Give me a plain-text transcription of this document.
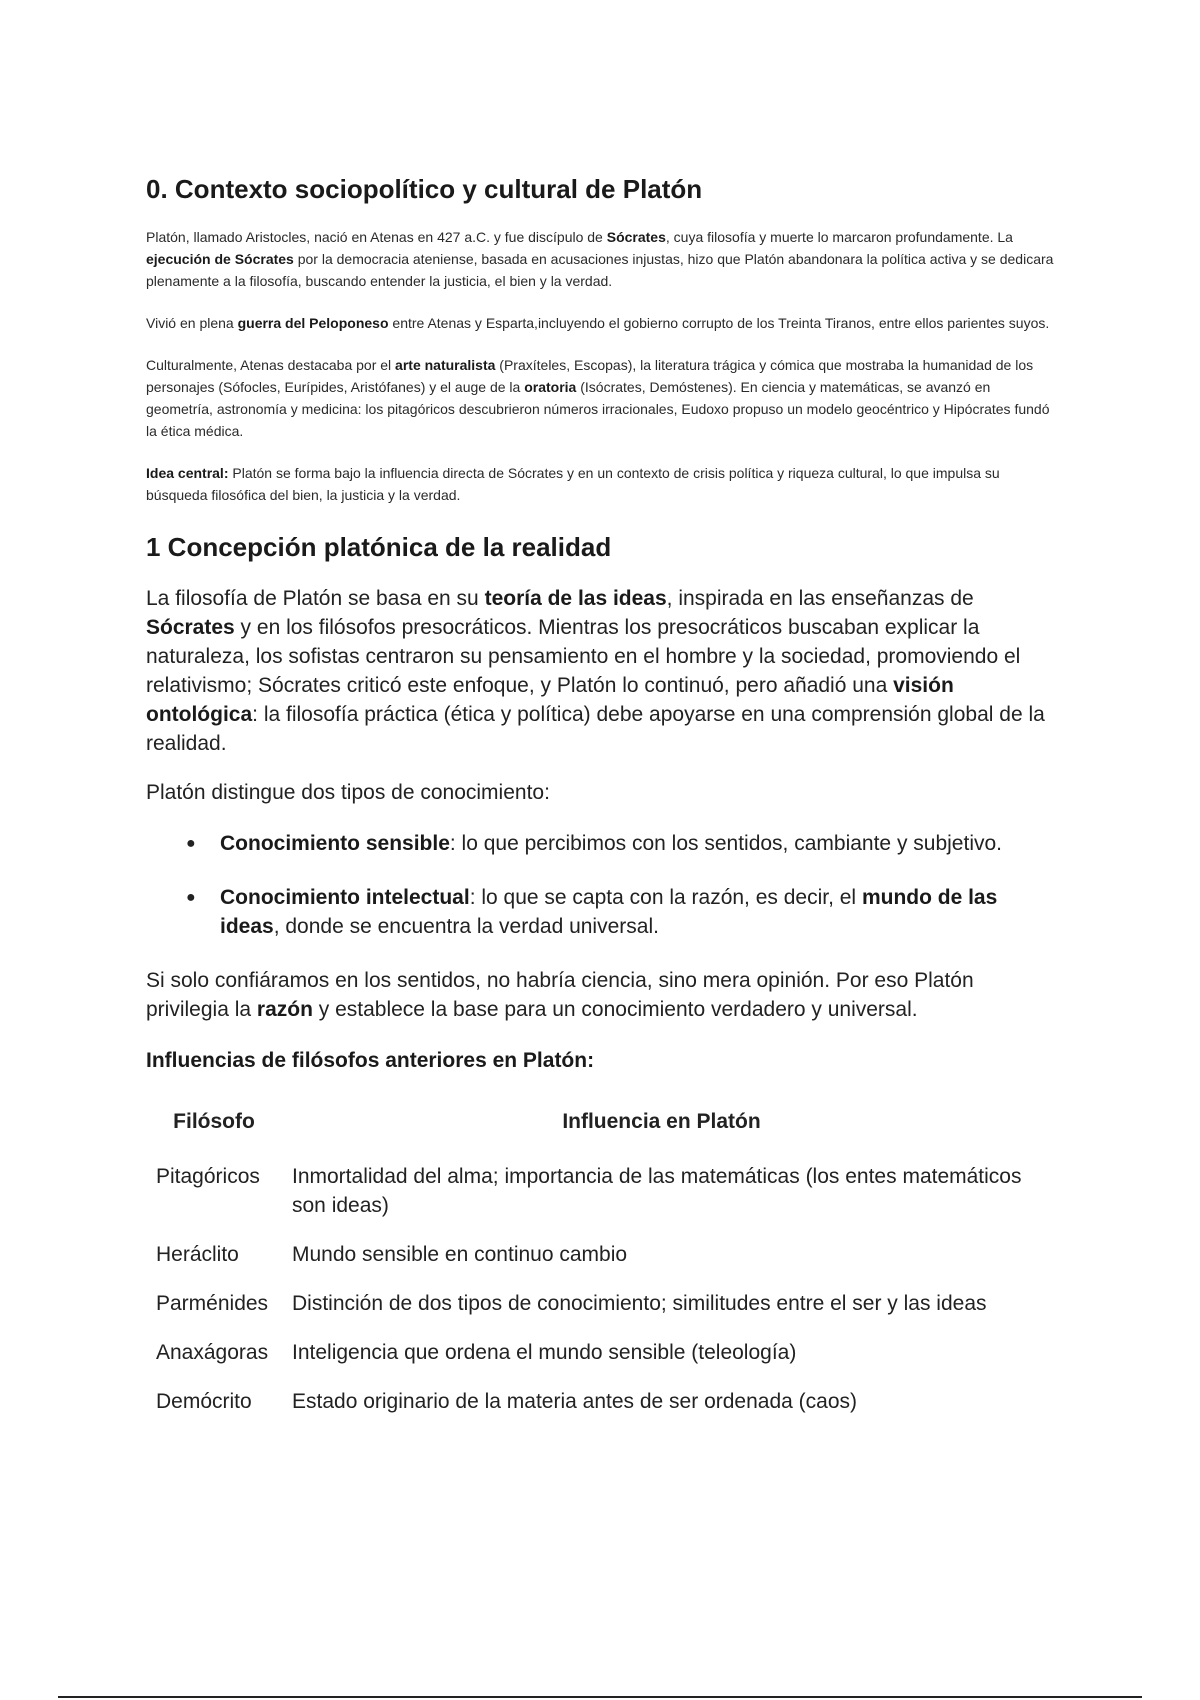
0. Contexto sociopolítico y cultural de Platón

Platón, llamado Aristocles, nació en Atenas en 427 a.C. y fue discípulo de Sócrates, cuya filosofía y muerte lo marcaron profundamente. La ejecución de Sócrates por la democracia ateniense, basada en acusaciones injustas, hizo que Platón abandonara la política activa y se dedicara plenamente a la filosofía, buscando entender la justicia, el bien y la verdad.

Vivió en plena guerra del Peloponeso entre Atenas y Esparta,incluyendo el gobierno corrupto de los Treinta Tiranos, entre ellos parientes suyos.

Culturalmente, Atenas destacaba por el arte naturalista (Praxíteles, Escopas), la literatura trágica y cómica que mostraba la humanidad de los personajes (Sófocles, Eurípides, Aristófanes) y el auge de la oratoria (Isócrates, Demóstenes). En ciencia y matemáticas, se avanzó en geometría, astronomía y medicina: los pitagóricos descubrieron números irracionales, Eudoxo propuso un modelo geocéntrico y Hipócrates fundó la ética médica.

Idea central: Platón se forma bajo la influencia directa de Sócrates y en un contexto de crisis política y riqueza cultural, lo que impulsa su búsqueda filosófica del bien, la justicia y la verdad.

1 Concepción platónica de la realidad

La filosofía de Platón se basa en su teoría de las ideas, inspirada en las enseñanzas de Sócrates y en los filósofos presocráticos. Mientras los presocráticos buscaban explicar la naturaleza, los sofistas centraron su pensamiento en el hombre y la sociedad, promoviendo el relativismo; Sócrates criticó este enfoque, y Platón lo continuó, pero añadió una visión ontológica: la filosofía práctica (ética y política) debe apoyarse en una comprensión global de la realidad.

Platón distingue dos tipos de conocimiento:

●	Conocimiento sensible: lo que percibimos con los sentidos, cambiante y subjetivo.
●	Conocimiento intelectual: lo que se capta con la razón, es decir, el mundo de las ideas, donde se encuentra la verdad universal.

Si solo confiáramos en los sentidos, no habría ciencia, sino mera opinión. Por eso Platón privilegia la razón y establece la base para un conocimiento verdadero y universal.

Influencias de filósofos anteriores en Platón:

Filósofo	Influencia en Platón
Pitagóricos	Inmortalidad del alma; importancia de las matemáticas (los entes matemáticos son ideas)
Heráclito	Mundo sensible en continuo cambio
Parménides	Distinción de dos tipos de conocimiento; similitudes entre el ser y las ideas
Anaxágoras	Inteligencia que ordena el mundo sensible (teleología)
Demócrito	Estado originario de la materia antes de ser ordenada (caos)
